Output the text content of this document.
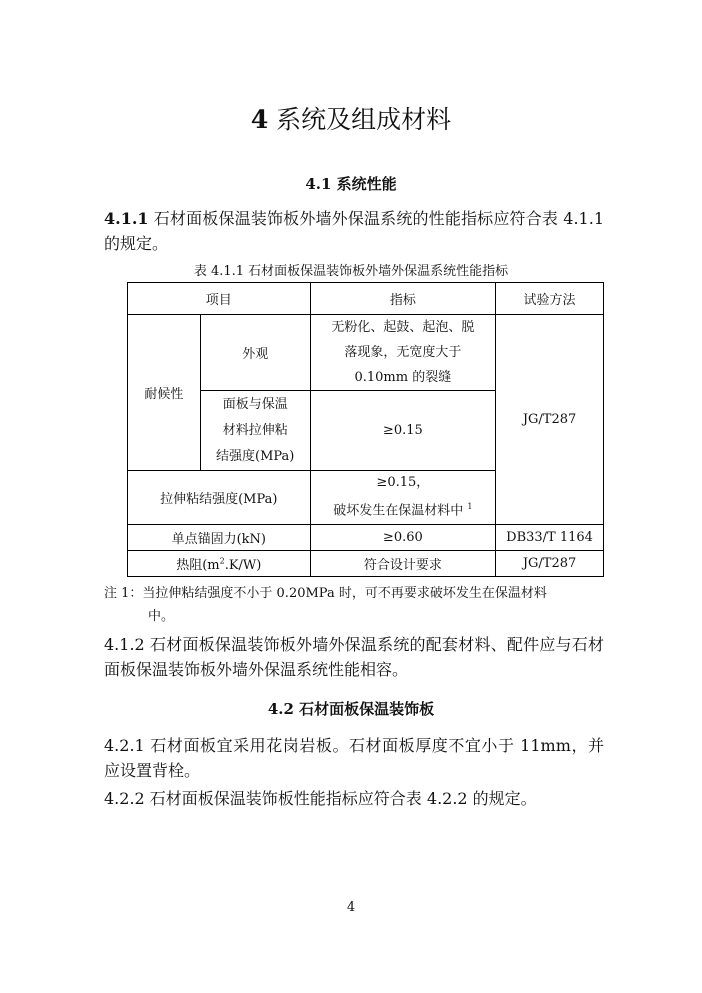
4 系统及组成材料
4.1 系统性能
4.1.1 石材面板保温装饰板外墙外保温系统的性能指标应符合表 4.1.1 的规定。
表 4.1.1 石材面板保温装饰板外墙外保温系统性能指标
项目		指标	试验方法
耐候性	外观	无粉化、起鼓、起泡、脱
落现象，无宽度大于
0.10mm 的裂缝	JG/T287

	面板与保温
材料拉伸粘
结强度(MPa)	≥0.15	
拉伸粘结强度(MPa)		≥0.15，
破坏发生在保温材料中 $^1$

单点锚固力(kN)		≥0.60	DB33/T 1164
热阻$(m^2.K/W)$		符合设计要求	JG/T287
注 1：当拉伸粘结强度不小于 0.20MPa 时，可不再要求破坏发生在保温材料
中。
4.1.2 石材面板保温装饰板外墙外保温系统的配套材料、配件应与石材面板保温装饰板外墙外保温系统性能相容。
4.2 石材面板保温装饰板
4.2.1 石材面板宜采用花岗岩板。石材面板厚度不宜小于 11mm，并应设置背栓。
4.2.2 石材面板保温装饰板性能指标应符合表 4.2.2 的规定。
4
